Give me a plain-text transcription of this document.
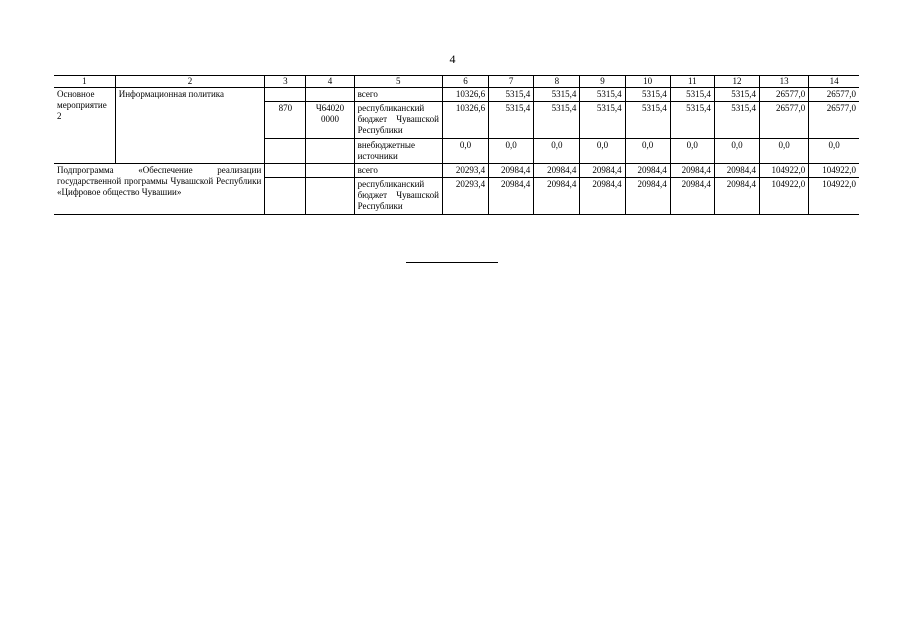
4
1	2	3	4	5	6	7	8	9	10	11	12	13	14
Основное мероприятие 2	Информационная политика			всего	10326,6	5315,4	5315,4	5315,4	5315,4	5315,4	5315,4	26577,0	26577,0
		870	Ч64020 0000	республиканский бюджет Чувашской Республики	10326,6	5315,4	5315,4	5315,4	5315,4	5315,4	5315,4	26577,0	26577,0
				внебюджетные источники	0,0	0,0	0,0	0,0	0,0	0,0	0,0	0,0	0,0
Подпрограмма «Обеспечение реализации государственной программы Чувашской Республики «Цифровое общество Чувашии»				всего	20293,4	20984,4	20984,4	20984,4	20984,4	20984,4	20984,4	104922,0	104922,0
				республиканский бюджет Чувашской Республики	20293,4	20984,4	20984,4	20984,4	20984,4	20984,4	20984,4	104922,0	104922,0
